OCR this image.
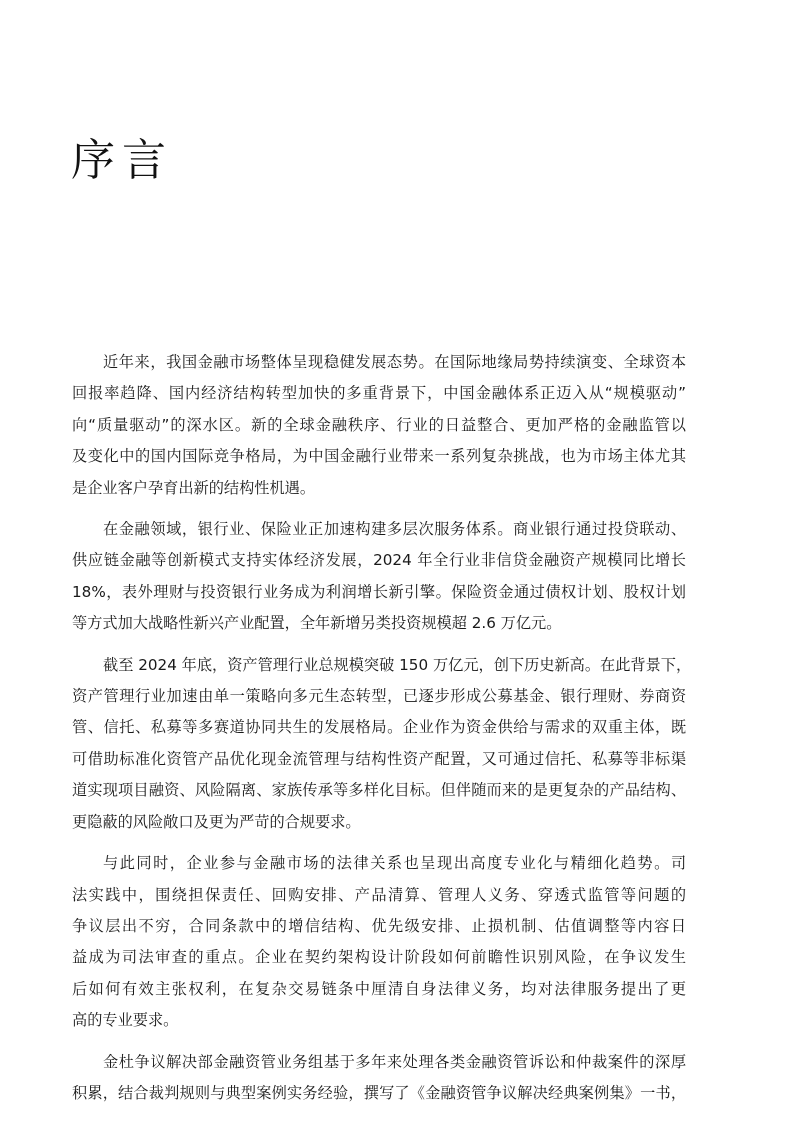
序言

近年来，我国金融市场整体呈现稳健发展态势。在国际地缘局势持续演变、全球资本
回报率趋降、国内经济结构转型加快的多重背景下，中国金融体系正迈入从“规模驱动”
向“质量驱动”的深水区。新的全球金融秩序、行业的日益整合、更加严格的金融监管以
及变化中的国内国际竞争格局，为中国金融行业带来一系列复杂挑战，也为市场主体尤其
是企业客户孕育出新的结构性机遇。

在金融领域，银行业、保险业正加速构建多层次服务体系。商业银行通过投贷联动、
供应链金融等创新模式支持实体经济发展，2024 年全行业非信贷金融资产规模同比增长
18%，表外理财与投资银行业务成为利润增长新引擎。保险资金通过债权计划、股权计划
等方式加大战略性新兴产业配置，全年新增另类投资规模超 2.6 万亿元。

截至 2024 年底，资产管理行业总规模突破 150 万亿元，创下历史新高。在此背景下，
资产管理行业加速由单一策略向多元生态转型，已逐步形成公募基金、银行理财、券商资
管、信托、私募等多赛道协同共生的发展格局。企业作为资金供给与需求的双重主体，既
可借助标准化资管产品优化现金流管理与结构性资产配置，又可通过信托、私募等非标渠
道实现项目融资、风险隔离、家族传承等多样化目标。但伴随而来的是更复杂的产品结构、
更隐蔽的风险敞口及更为严苛的合规要求。

与此同时，企业参与金融市场的法律关系也呈现出高度专业化与精细化趋势。司
法实践中，围绕担保责任、回购安排、产品清算、管理人义务、穿透式监管等问题的
争议层出不穷，合同条款中的增信结构、优先级安排、止损机制、估值调整等内容日
益成为司法审查的重点。企业在契约架构设计阶段如何前瞻性识别风险，在争议发生
后如何有效主张权利，在复杂交易链条中厘清自身法律义务，均对法律服务提出了更
高的专业要求。

金杜争议解决部金融资管业务组基于多年来处理各类金融资管诉讼和仲裁案件的深厚
积累，结合裁判规则与典型案例实务经验，撰写了《金融资管争议解决经典案例集》一书，
